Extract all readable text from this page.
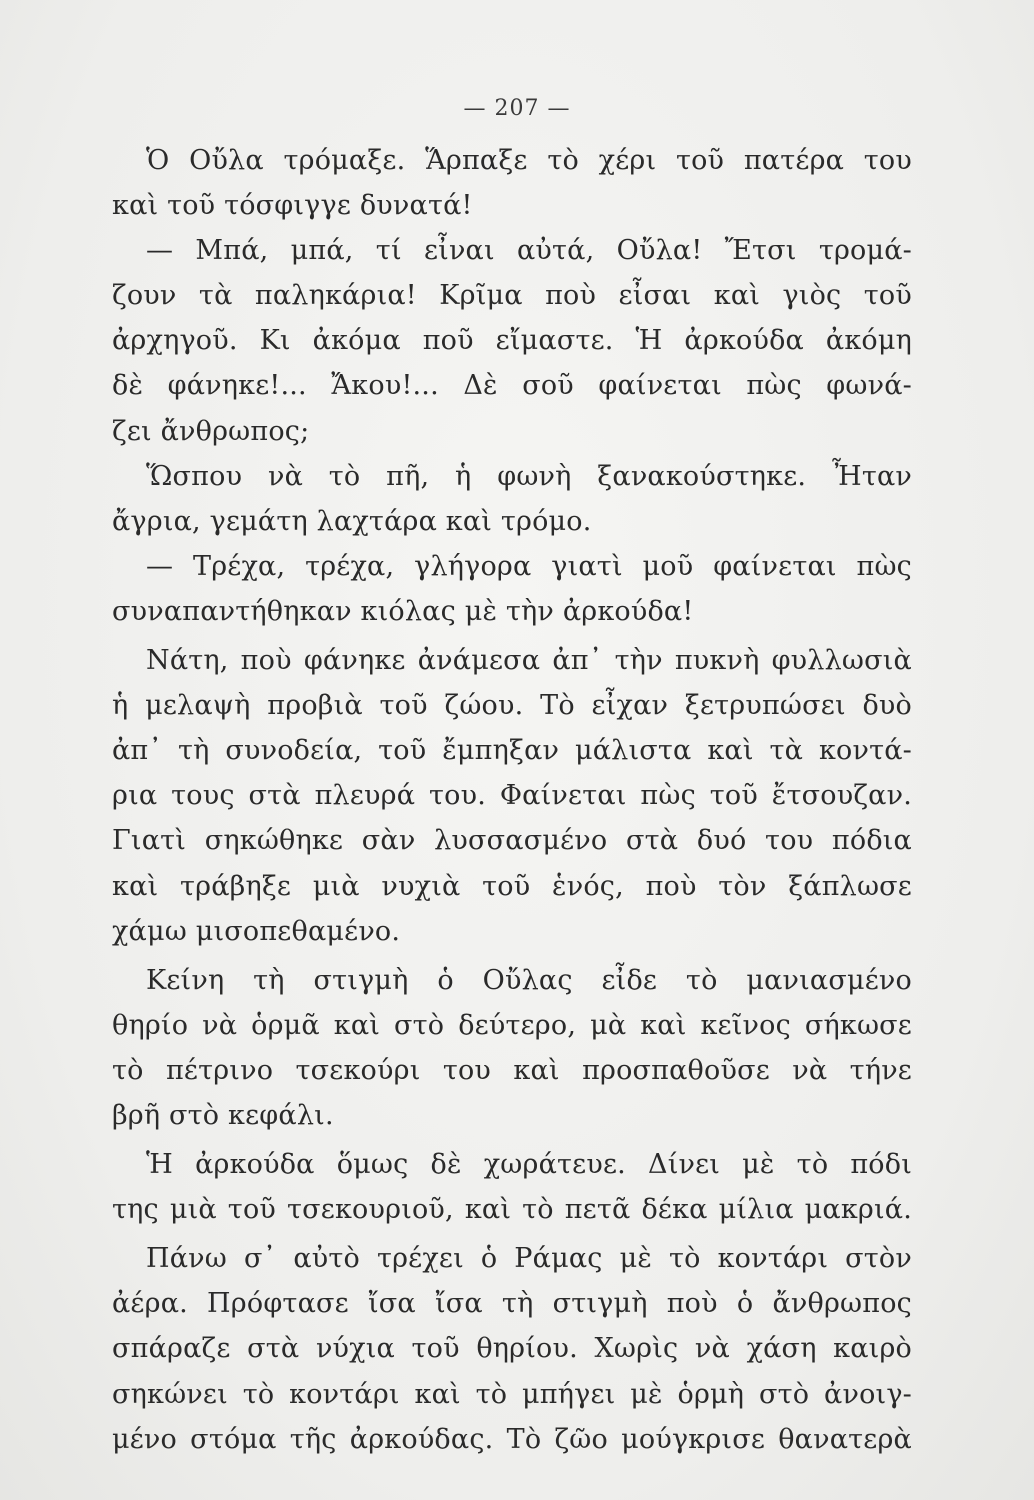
— 207 —
Ὁ Οὔλα τρόμαξε. Ἅρπαξε τὸ χέρι τοῦ πατέρα του
καὶ τοῦ τόσφιγγε δυνατά!
— Μπά, μπά, τί εἶναι αὐτά, Οὔλα! Ἔτσι τρομά-
ζουν τὰ παληκάρια! Κρῖμα ποὺ εἶσαι καὶ γιὸς τοῦ
ἀρχηγοῦ. Κι ἀκόμα ποῦ εἴμαστε. Ἡ ἀρκούδα ἀκόμη
δὲ φάνηκε!... Ἄκου!... Δὲ σοῦ φαίνεται πὼς φωνά-
ζει ἄνθρωπος;
Ὥσπου νὰ τὸ πῆ, ἡ φωνὴ ξανακούστηκε. Ἦταν
ἄγρια, γεμάτη λαχτάρα καὶ τρόμο.
— Τρέχα, τρέχα, γλήγορα γιατὶ μοῦ φαίνεται πὼς
συναπαντήθηκαν κιόλας μὲ τὴν ἀρκούδα!
Νάτη, ποὺ φάνηκε ἀνάμεσα ἀπ᾽ τὴν πυκνὴ φυλλωσιὰ
ἡ μελαψὴ προβιὰ τοῦ ζώου. Τὸ εἶχαν ξετρυπώσει δυὸ
ἀπ᾽ τὴ συνοδεία, τοῦ ἔμπηξαν μάλιστα καὶ τὰ κοντά-
ρια τους στὰ πλευρά του. Φαίνεται πὼς τοῦ ἔτσουζαν.
Γιατὶ σηκώθηκε σὰν λυσσασμένο στὰ δυό του πόδια
καὶ τράβηξε μιὰ νυχιὰ τοῦ ἑνός, ποὺ τὸν ξάπλωσε
χάμω μισοπεθαμένο.
Κείνη τὴ στιγμὴ ὁ Οὔλας εἶδε τὸ μανιασμένο
θηρίο νὰ ὁρμᾶ καὶ στὸ δεύτερο, μὰ καὶ κεῖνος σήκωσε
τὸ πέτρινο τσεκούρι του καὶ προσπαθοῦσε νὰ τήνε
βρῆ στὸ κεφάλι.
Ἡ ἀρκούδα ὅμως δὲ χωράτευε. Δίνει μὲ τὸ πόδι
της μιὰ τοῦ τσεκουριοῦ, καὶ τὸ πετᾶ δέκα μίλια μακριά.
Πάνω σ᾽ αὐτὸ τρέχει ὁ Ράμας μὲ τὸ κοντάρι στὸν
ἀέρα. Πρόφτασε ἴσα ἴσα τὴ στιγμὴ ποὺ ὁ ἄνθρωπος
σπάραζε στὰ νύχια τοῦ θηρίου. Χωρὶς νὰ χάση καιρὸ
σηκώνει τὸ κοντάρι καὶ τὸ μπήγει μὲ ὁρμὴ στὸ ἀνοιγ-
μένο στόμα τῆς ἀρκούδας. Τὸ ζῶο μούγκρισε θανατερὰ
